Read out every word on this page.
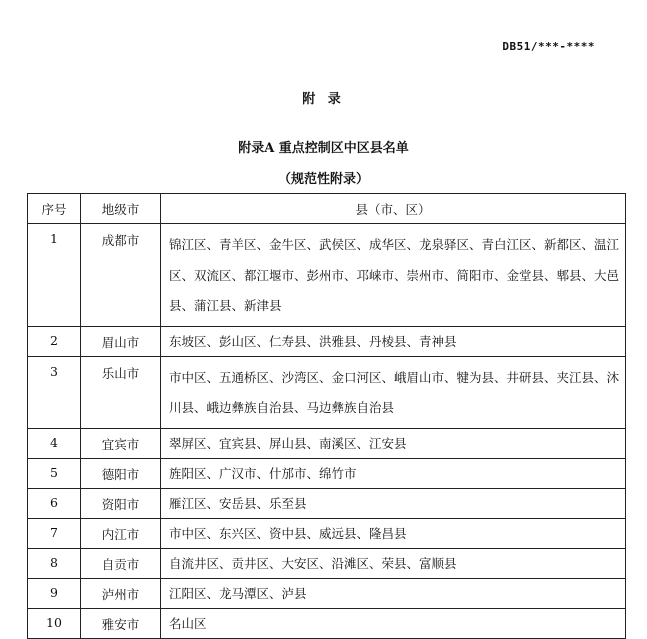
DB51/***-****
附 录
附录A 重点控制区中区县名单
（规范性附录）
序号	地级市	县（市、区）
1	成都市	锦江区、青羊区、金牛区、武侯区、成华区、龙泉驿区、青白江区、新都区、温江区、双流区、都江堰市、彭州市、邛崃市、崇州市、简阳市、金堂县、郫县、大邑县、蒲江县、新津县
2	眉山市	东坡区、彭山区、仁寿县、洪雅县、丹棱县、青神县
3	乐山市	市中区、五通桥区、沙湾区、金口河区、峨眉山市、犍为县、井研县、夹江县、沐川县、峨边彝族自治县、马边彝族自治县
4	宜宾市	翠屏区、宜宾县、屏山县、南溪区、江安县
5	德阳市	旌阳区、广汉市、什邡市、绵竹市
6	资阳市	雁江区、安岳县、乐至县
7	内江市	市中区、东兴区、资中县、威远县、隆昌县
8	自贡市	自流井区、贡井区、大安区、沿滩区、荣县、富顺县
9	泸州市	江阳区、龙马潭区、泸县
10	雅安市	名山区
